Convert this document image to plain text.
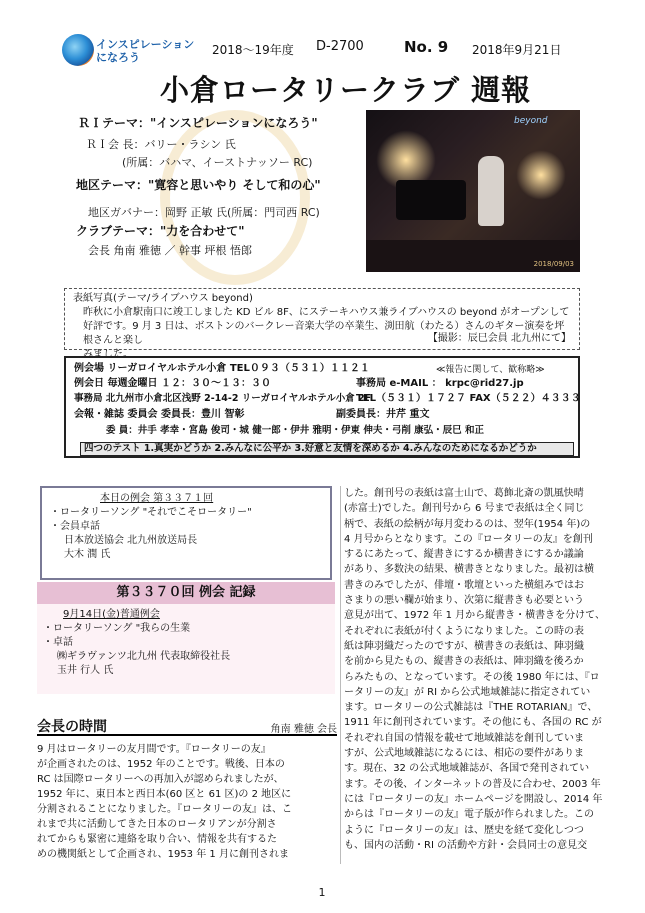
インスピレーションになろう
2018〜19年度 D-2700	No. 9 2018年9月21日
小倉ロータリークラブ 週報
ＲＩテーマ："インスピレーションになろう"
ＲＩ会 長：バリー・ラシン 氏
(所属：バハマ、イーストナッソー RC)
地区テーマ："寛容と思いやり そして和の心"
地区ガバナー：岡野 正敏 氏(所属：門司西 RC)
クラブテーマ："力を合わせて"
会長 角南 雅徳 ／ 幹事 坪根 悟郎
beyond
2018/09/03
表紙写真(テーマ/ライブハウス beyond)
昨秋に小倉駅南口に竣工しました KD ビル 8F、にステーキハウス兼ライブハウスの beyond がオープンして好評です。9 月 3 日は、ボストンのバークレー音楽大学の卒業生、渕田航（わたる）さんのギター演奏を坪根さんと楽し
みました。
【撮影：辰巳会員 北九州にて】
例会場 リーガロイヤルホテル小倉 TEL０９３（５３１）１１２１	≪報告に関して、歓称略≫
例会日 毎週金曜日 １２：３０〜１３：３０	事務局 e-MAIL ： krpc@rid27.jp
事務局 北九州市小倉北区浅野 2-14-2 リーガロイヤルホテル小倉 2F
TEL（５３１）１７２７ FAX（５２２）４３３３
会報・雑誌 委員会 委員長：豊川 智彰	副委員長：井芹 重文
委 員：井手 孝幸・宮島 俊司・城 健一郎・伊井 雅明・伊東 伸夫・弓削 康弘・辰巳 和正
四つのテスト 1.真実かどうか 2.みんなに公平か 3.好意と友情を深めるか 4.みんなのためになるかどうか
本日の例会 第３３７１回
・ロータリーソング "それでこそロータリー"
・会員卓話
日本放送協会 北九州放送局長
大木 潤 氏
第３３７０回 例会 記録
9月14日(金)普通例会
・ロータリーソング "我らの生業
・卓話
㈱ギラヴァンツ北九州 代表取締役社長
玉井 行人 氏
会長の時間	角南 雅徳 会長
9 月はロータリーの友月間です。『ロータリーの友』
が企画されたのは、1952 年のことです。戦後、日本の
RC は国際ロータリーへの再加入が認められましたが、
1952 年に、東日本と西日本(60 区と 61 区)の 2 地区に
分割されることになりました。『ロータリーの友』は、こ
れまで共に活動してきた日本のロータリアンが分割さ
れてからも緊密に連絡を取り合い、情報を共有するた
めの機関紙として企画され、1953 年 1 月に創刊されま
した。創刊号の表紙は富士山で、葛飾北斎の凱風快晴
(赤富士)でした。創刊号から 6 号まで表紙は全く同じ
柄で、表紙の絵柄が毎月変わるのは、翌年(1954 年)の
4 月号からとなります。この『ロータリーの友』を創刊
するにあたって、縦書きにするか横書きにするか議論
があり、多数決の結果、横書きとなりました。最初は横
書きのみでしたが、俳壇・歌壇といった横組みではお
さまりの悪い欄が始まり、次第に縦書きも必要という
意見が出て、1972 年 1 月から縦書き・横書きを分けて、
それぞれに表紙が付くようになりました。この時の表
紙は陣羽織だったのですが、横書きの表紙は、陣羽織
を前から見たもの、縦書きの表紙は、陣羽織を後ろか
らみたもの、となっています。その後 1980 年には、『ロ
ータリーの友』が RI から公式地域雑誌に指定されてい
ます。ロータリーの公式雑誌は『THE ROTARIAN』で、
1911 年に創刊されています。その他にも、各国の RC が
それぞれ自国の情報を載せて地域雑誌を創刊していま
すが、公式地域雑誌になるには、相応の要件がありま
す。現在、32 の公式地域雑誌が、各国で発刊されてい
ます。その後、インターネットの普及に合わせ、2003 年
には『ロータリーの友』ホームページを開設し、2014 年
からは『ロータリーの友』電子版が作られました。この
ように『ロータリーの友』は、歴史を経て変化しつつ
も、国内の活動・RI の活動や方針・会員同士の意見交
1
